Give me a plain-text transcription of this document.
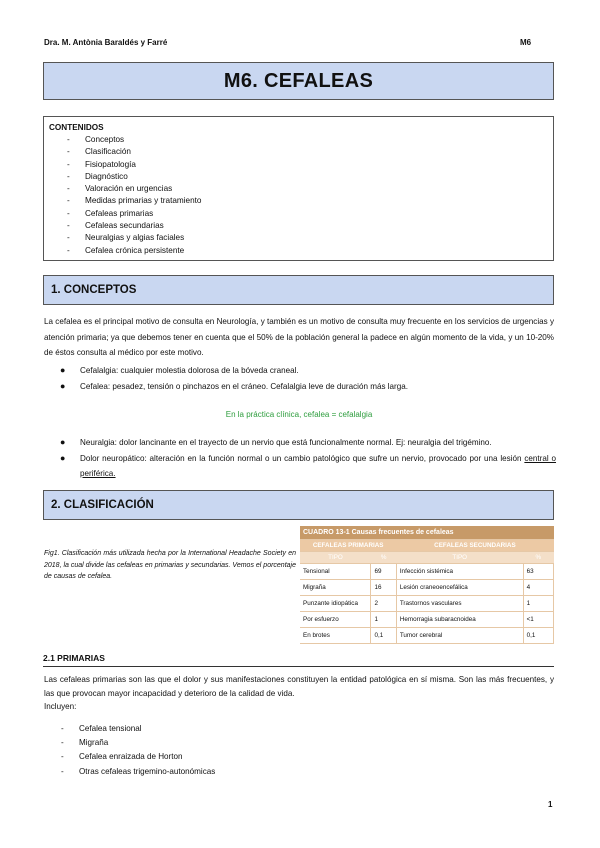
Dra. M. Antònia Baraldés y Farré	M6
M6. CEFALEAS
CONTENIDOS
- Conceptos
- Clasificación
- Fisiopatología
- Diagnóstico
- Valoración en urgencias
- Medidas primarias y tratamiento
- Cefaleas primarias
- Cefaleas secundarias
- Neuralgias y algias faciales
- Cefalea crónica persistente
1. CONCEPTOS
La cefalea es el principal motivo de consulta en Neurología, y también es un motivo de consulta muy frecuente en los servicios de urgencias y atención primaria; ya que debemos tener en cuenta que el 50% de la población general la padece en algún momento de la vida, y un 10-20% de éstos consulta al médico por este motivo.
● Cefalalgia: cualquier molestia dolorosa de la bóveda craneal.
● Cefalea: pesadez, tensión o pinchazos en el cráneo. Cefalalgia leve de duración más larga.
En la práctica clínica, cefalea = cefalalgia
● Neuralgia: dolor lancinante en el trayecto de un nervio que está funcionalmente normal. Ej: neuralgia del trigémino.
● Dolor neuropático: alteración en la función normal o un cambio patológico que sufre un nervio, provocado por una lesión central o periférica.
2. CLASIFICACIÓN
Fig1. Clasificación más utilizada hecha por la International Headache Society en 2018, la cual divide las cefaleas en primarias y secundarias. Vemos el porcentaje de causas de cefalea.
CUADRO 13-1 Causas frecuentes de cefaleas			
CEFALEAS PRIMARIAS		CEFALEAS SECUNDARIAS	
TIPO	%	TIPO	%
Tensional	69	Infección sistémica	63
Migraña	16	Lesión craneoencefálica	4
Punzante idiopática	2	Trastornos vasculares	1
Por esfuerzo	1	Hemorragia subaracnoidea	<1
En brotes	0,1	Tumor cerebral	0,1
2.1 PRIMARIAS
Las cefaleas primarias son las que el dolor y sus manifestaciones constituyen la entidad patológica en sí misma. Son las más frecuentes, y las que provocan mayor incapacidad y deterioro de la calidad de vida.
Incluyen:
- Cefalea tensional
- Migraña
- Cefalea enraizada de Horton
- Otras cefaleas trigemino-autonómicas
1
